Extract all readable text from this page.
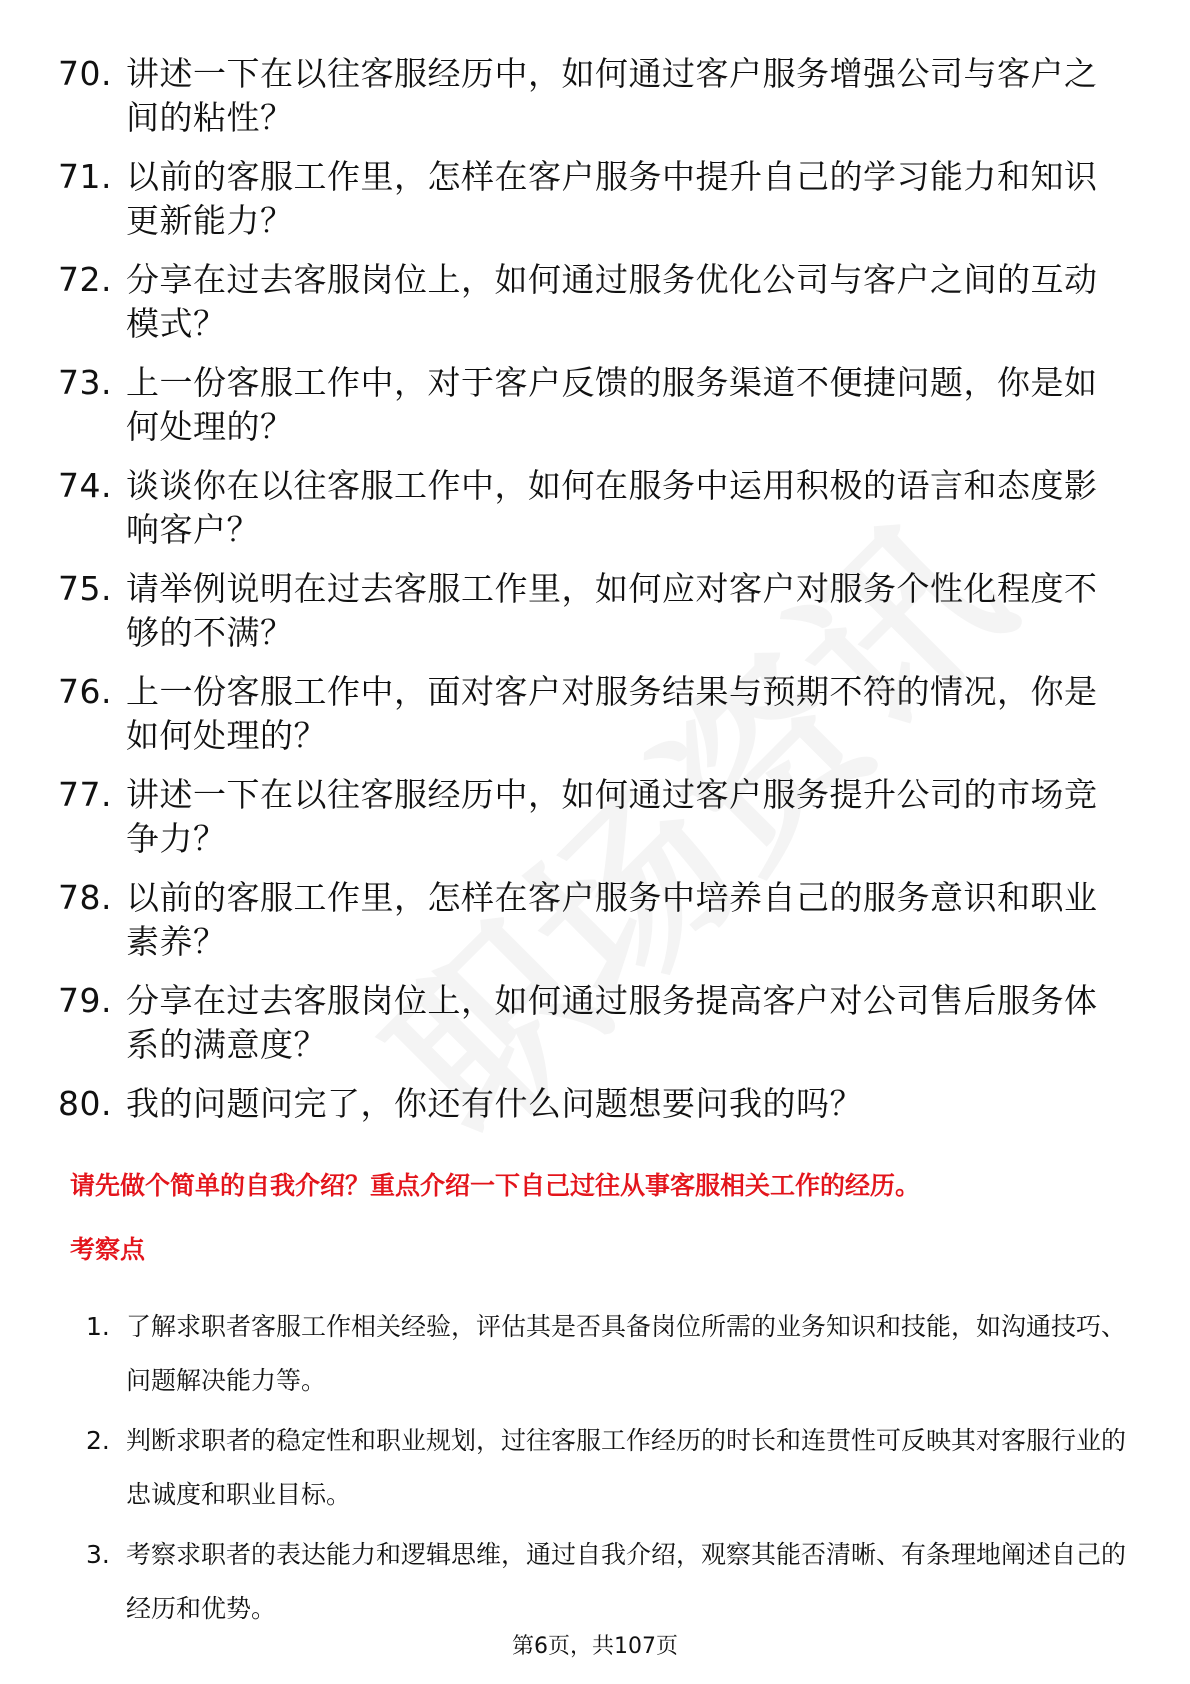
70. 讲述一下在以往客服经历中，如何通过客户服务增强公司与客户之间的粘性？
71. 以前的客服工作里，怎样在客户服务中提升自己的学习能力和知识更新能力？
72. 分享在过去客服岗位上，如何通过服务优化公司与客户之间的互动模式？
73. 上一份客服工作中，对于客户反馈的服务渠道不便捷问题，你是如何处理的？
74. 谈谈你在以往客服工作中，如何在服务中运用积极的语言和态度影响客户？
75. 请举例说明在过去客服工作里，如何应对客户对服务个性化程度不够的不满？
76. 上一份客服工作中，面对客户对服务结果与预期不符的情况，你是如何处理的？
77. 讲述一下在以往客服经历中，如何通过客户服务提升公司的市场竞争力？
78. 以前的客服工作里，怎样在客户服务中培养自己的服务意识和职业素养？
79. 分享在过去客服岗位上，如何通过服务提高客户对公司售后服务体系的满意度？
80. 我的问题问完了，你还有什么问题想要问我的吗？

请先做个简单的自我介绍？重点介绍一下自己过往从事客服相关工作的经历。

考察点

1. 了解求职者客服工作相关经验，评估其是否具备岗位所需的业务知识和技能，如沟通技巧、问题解决能力等。
2. 判断求职者的稳定性和职业规划，过往客服工作经历的时长和连贯性可反映其对客服行业的忠诚度和职业目标。
3. 考察求职者的表达能力和逻辑思维，通过自我介绍，观察其能否清晰、有条理地阐述自己的经历和优势。
第6页，共107页
